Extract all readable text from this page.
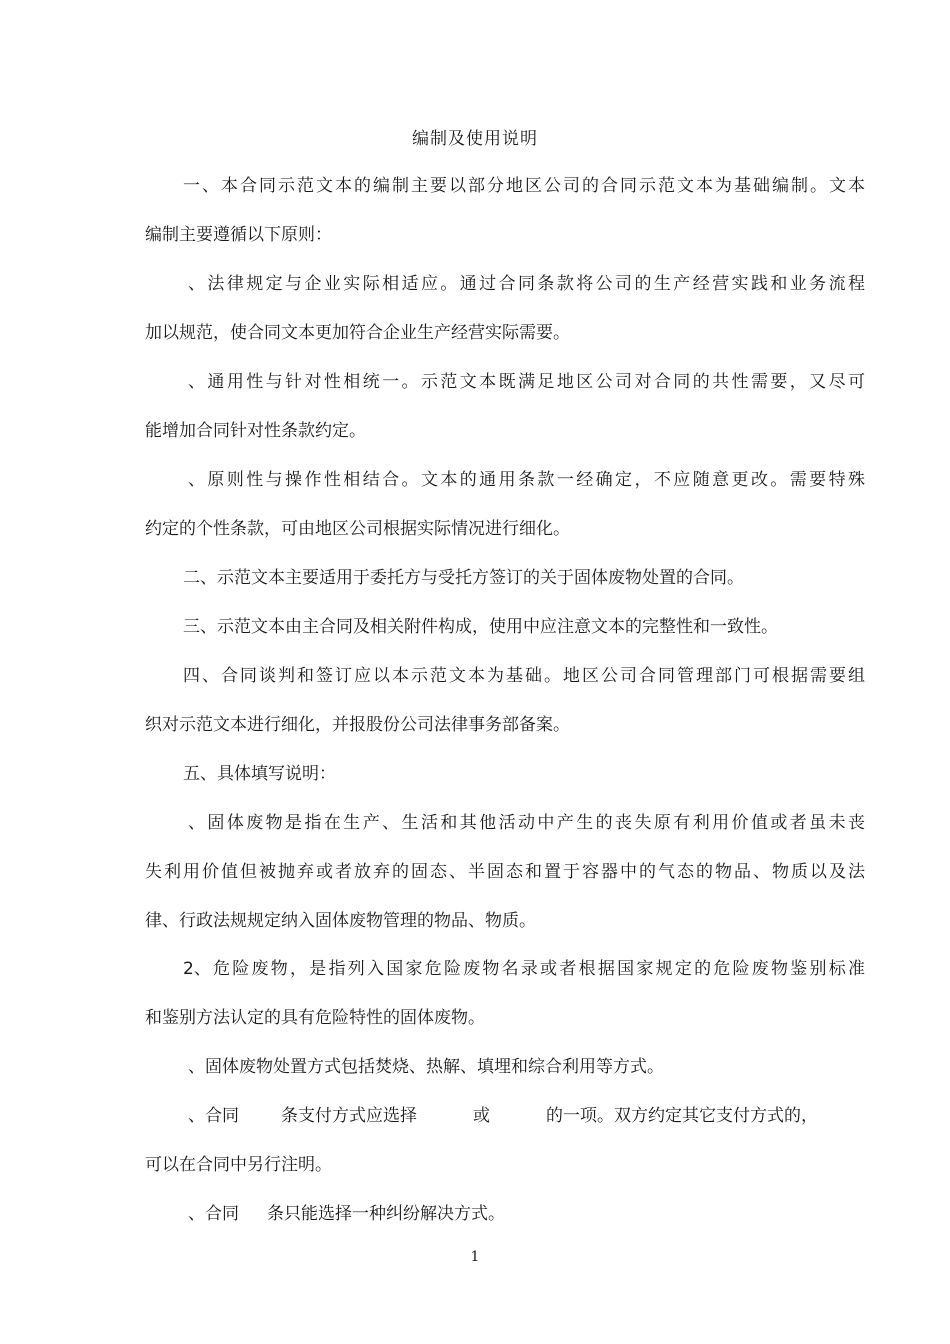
编制及使用说明
一、本合同示范文本的编制主要以部分地区公司的合同示范文本为基础编制。文本
编制主要遵循以下原则：
、法律规定与企业实际相适应。通过合同条款将公司的生产经营实践和业务流程
加以规范，使合同文本更加符合企业生产经营实际需要。
、通用性与针对性相统一。示范文本既满足地区公司对合同的共性需要，又尽可
能增加合同针对性条款约定。
、原则性与操作性相结合。文本的通用条款一经确定，不应随意更改。需要特殊
约定的个性条款，可由地区公司根据实际情况进行细化。
二、示范文本主要适用于委托方与受托方签订的关于固体废物处置的合同。
三、示范文本由主合同及相关附件构成，使用中应注意文本的完整性和一致性。
四、合同谈判和签订应以本示范文本为基础。地区公司合同管理部门可根据需要组
织对示范文本进行细化，并报股份公司法律事务部备案。
五、具体填写说明：
、固体废物是指在生产、生活和其他活动中产生的丧失原有利用价值或者虽未丧
失利用价值但被抛弃或者放弃的固态、半固态和置于容器中的气态的物品、物质以及法
律、行政法规规定纳入固体废物管理的物品、物质。
2 、危险废物，是指列入国家危险废物名录或者根据国家规定的危险废物鉴别标准
和鉴别方法认定的具有危险特性的固体废物。
、固体废物处置方式包括焚烧、热解、填埋和综合利用等方式。
、合同 条支付方式应选择	或	的一项。双方约定其它支付方式的，
可以在合同中另行注明。
、合同 条只能选择一种纠纷解决方式。
1
